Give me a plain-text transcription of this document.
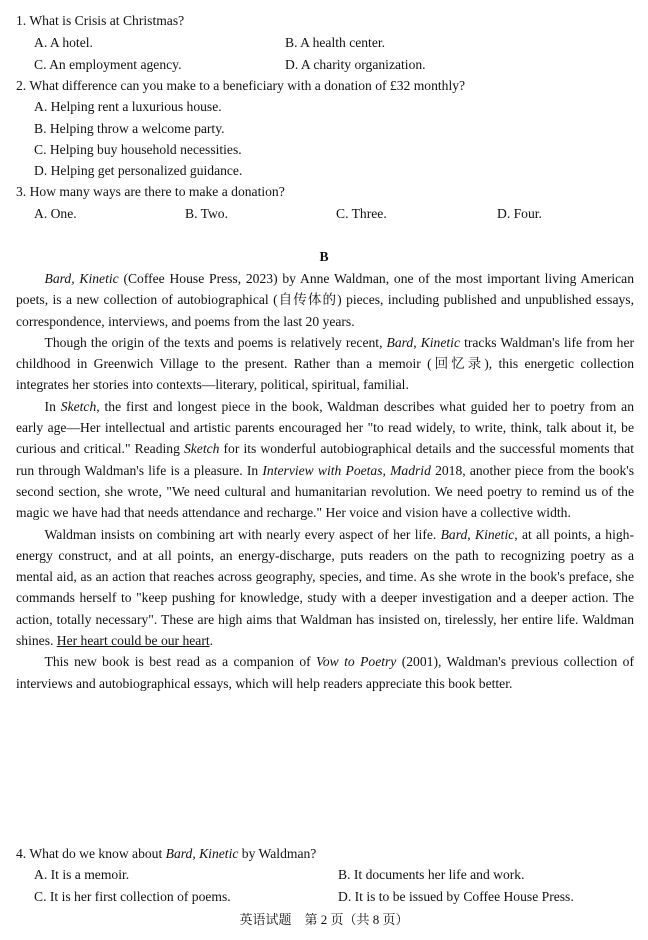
1. What is Crisis at Christmas?
A. A hotel.	B. A health center.
C. An employment agency.	D. A charity organization.
2. What difference can you make to a beneficiary with a donation of £32 monthly?
A. Helping rent a luxurious house.
B. Helping throw a welcome party.
C. Helping buy household necessities.
D. Helping get personalized guidance.
3. How many ways are there to make a donation?
A. One.	B. Two.	C. Three.	D. Four.
B

Bard, Kinetic (Coffee House Press, 2023) by Anne Waldman, one of the most important living American poets, is a new collection of autobiographical (自传体的) pieces, including published and unpublished essays, correspondence, interviews, and poems from the last 20 years.

Though the origin of the texts and poems is relatively recent, Bard, Kinetic tracks Waldman's life from her childhood in Greenwich Village to the present. Rather than a memoir (回忆录), this energetic collection integrates her stories into contexts—literary, political, spiritual, familial.

In Sketch, the first and longest piece in the book, Waldman describes what guided her to poetry from an early age—Her intellectual and artistic parents encouraged her "to read widely, to write, think, talk about it, be curious and critical." Reading Sketch for its wonderful autobiographical details and the successful moments that run through Waldman's life is a pleasure. In Interview with Poetas, Madrid 2018, another piece from the book's second section, she wrote, "We need cultural and humanitarian revolution. We need poetry to remind us of the magic we have had that needs attendance and recharge." Her voice and vision have a collective width.

Waldman insists on combining art with nearly every aspect of her life. Bard, Kinetic, at all points, a high-energy construct, and at all points, an energy-discharge, puts readers on the path to recognizing poetry as a mental aid, as an action that reaches across geography, species, and time. As she wrote in the book's preface, she commands herself to "keep pushing for knowledge, study with a deeper investigation and a deeper action. The action, totally necessary". These are high aims that Waldman has insisted on, tirelessly, her entire life. Waldman shines. Her heart could be our heart.

This new book is best read as a companion of Vow to Poetry (2001), Waldman's previous collection of interviews and autobiographical essays, which will help readers appreciate this book better.

4. What do we know about Bard, Kinetic by Waldman?
A. It is a memoir.	B. It documents her life and work.
C. It is her first collection of poems.	D. It is to be issued by Coffee House Press.
英语试题　第 2 页（共 8 页）
